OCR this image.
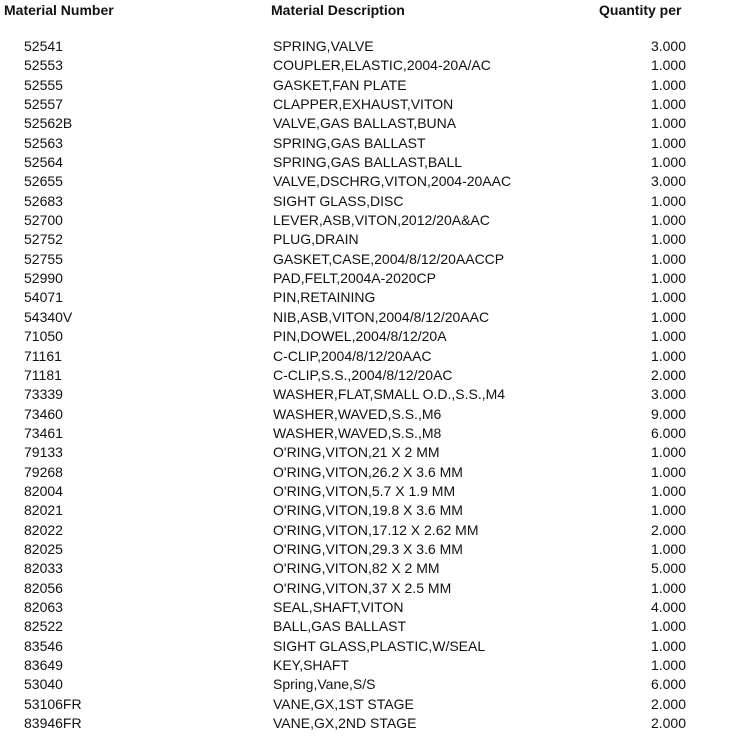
Material Number	Material Description	Quantity per
52541	SPRING,VALVE	3.000
52553	COUPLER,ELASTIC,2004-20A/AC	1.000
52555	GASKET,FAN PLATE	1.000
52557	CLAPPER,EXHAUST,VITON	1.000
52562B	VALVE,GAS BALLAST,BUNA	1.000
52563	SPRING,GAS BALLAST	1.000
52564	SPRING,GAS BALLAST,BALL	1.000
52655	VALVE,DSCHRG,VITON,2004-20AAC	3.000
52683	SIGHT GLASS,DISC	1.000
52700	LEVER,ASB,VITON,2012/20A&AC	1.000
52752	PLUG,DRAIN	1.000
52755	GASKET,CASE,2004/8/12/20AACCP	1.000
52990	PAD,FELT,2004A-2020CP	1.000
54071	PIN,RETAINING	1.000
54340V	NIB,ASB,VITON,2004/8/12/20AAC	1.000
71050	PIN,DOWEL,2004/8/12/20A	1.000
71161	C-CLIP,2004/8/12/20AAC	1.000
71181	C-CLIP,S.S.,2004/8/12/20AC	2.000
73339	WASHER,FLAT,SMALL O.D.,S.S.,M4	3.000
73460	WASHER,WAVED,S.S.,M6	9.000
73461	WASHER,WAVED,S.S.,M8	6.000
79133	O'RING,VITON,21 X 2 MM	1.000
79268	O'RING,VITON,26.2 X 3.6 MM	1.000
82004	O'RING,VITON,5.7 X 1.9 MM	1.000
82021	O'RING,VITON,19.8 X 3.6 MM	1.000
82022	O'RING,VITON,17.12 X 2.62 MM	2.000
82025	O'RING,VITON,29.3 X 3.6 MM	1.000
82033	O'RING,VITON,82 X 2 MM	5.000
82056	O'RING,VITON,37 X 2.5 MM	1.000
82063	SEAL,SHAFT,VITON	4.000
82522	BALL,GAS BALLAST	1.000
83546	SIGHT GLASS,PLASTIC,W/SEAL	1.000
83649	KEY,SHAFT	1.000
53040	Spring,Vane,S/S	6.000
53106FR	VANE,GX,1ST STAGE	2.000
83946FR	VANE,GX,2ND STAGE	2.000
